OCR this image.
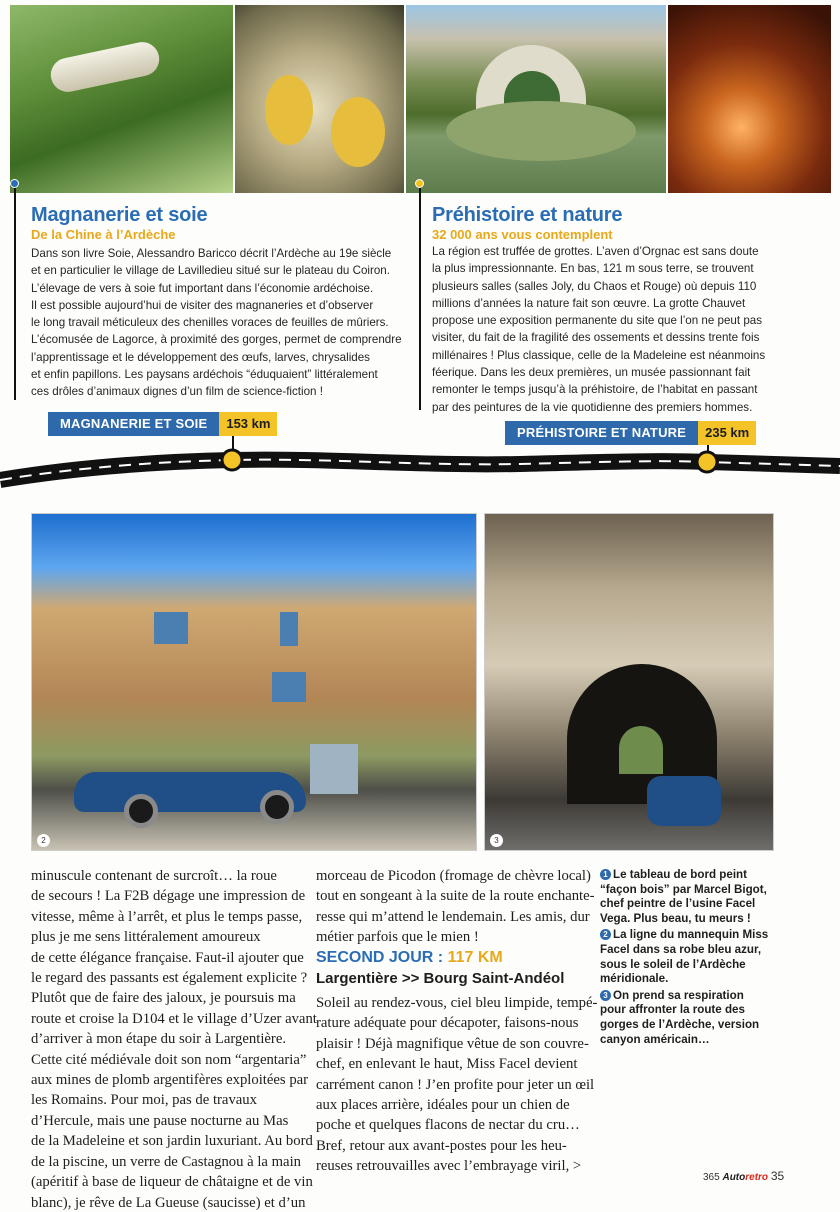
Magnanerie et soie
De la Chine à l’Ardèche
Dans son livre Soie, Alessandro Baricco décrit l’Ardèche au 19e siècle
et en particulier le village de Lavilledieu situé sur le plateau du Coiron.
L’élevage de vers à soie fut important dans l’économie ardéchoise.
Il est possible aujourd’hui de visiter des magnaneries et d’observer
le long travail méticuleux des chenilles voraces de feuilles de mûriers.
L’écomusée de Lagorce, à proximité des gorges, permet de comprendre
l’apprentissage et le développement des œufs, larves, chrysalides
et enfin papillons. Les paysans ardéchois “éduquaient” littéralement
ces drôles d’animaux dignes d’un film de science-fiction !
Préhistoire et nature
32 000 ans vous contemplent
La région est truffée de grottes. L’aven d’Orgnac est sans doute
la plus impressionnante. En bas, 121 m sous terre, se trouvent
plusieurs salles (salles Joly, du Chaos et Rouge) où depuis 110
millions d’années la nature fait son œuvre. La grotte Chauvet
propose une exposition permanente du site que l’on ne peut pas
visiter, du fait de la fragilité des ossements et dessins trente fois
millénaires ! Plus classique, celle de la Madeleine est néanmoins
féerique. Dans les deux premières, un musée passionnant fait
remonter le temps jusqu’à la préhistoire, de l’habitat en passant
par des peintures de la vie quotidienne des premiers hommes.
MAGNANERIE ET SOIE	153 km
PRÉHISTOIRE ET NATURE	235 km
2	3
minuscule contenant de surcroît… la roue
de secours ! La F2B dégage une impression de
vitesse, même à l’arrêt, et plus le temps passe,
plus je me sens littéralement amoureux
de cette élégance française. Faut-il ajouter que
le regard des passants est également explicite ?
Plutôt que de faire des jaloux, je poursuis ma
route et croise la D104 et le village d’Uzer avant
d’arriver à mon étape du soir à Largentière.
Cette cité médiévale doit son nom “argentaria”
aux mines de plomb argentifères exploitées par
les Romains. Pour moi, pas de travaux
d’Hercule, mais une pause nocturne au Mas
de la Madeleine et son jardin luxuriant. Au bord
de la piscine, un verre de Castagnou à la main
(apéritif à base de liqueur de châtaigne et de vin
blanc), je rêve de La Gueuse (saucisse) et d’un
morceau de Picodon (fromage de chèvre local)
tout en songeant à la suite de la route enchante-
resse qui m’attend le lendemain. Les amis, dur
métier parfois que le mien !
SECOND JOUR : 117 KM
Largentière >> Bourg Saint-Andéol
Soleil au rendez-vous, ciel bleu limpide, tempé-
rature adéquate pour décapoter, faisons-nous
plaisir ! Déjà magnifique vêtue de son couvre-
chef, en enlevant le haut, Miss Facel devient
carrément canon ! J’en profite pour jeter un œil
aux places arrière, idéales pour un chien de
poche et quelques flacons de nectar du cru…
Bref, retour aux avant-postes pour les heu-
reuses retrouvailles avec l’embrayage viril, >
1 Le tableau de bord peint “façon bois” par Marcel Bigot, chef peintre de l’usine Facel Vega. Plus beau, tu meurs !
2 La ligne du mannequin Miss Facel dans sa robe bleu azur, sous le soleil de l’Ardèche méridionale.
3 On prend sa respiration pour affronter la route des gorges de l’Ardèche, version canyon américain…
365 Autoretro 35
